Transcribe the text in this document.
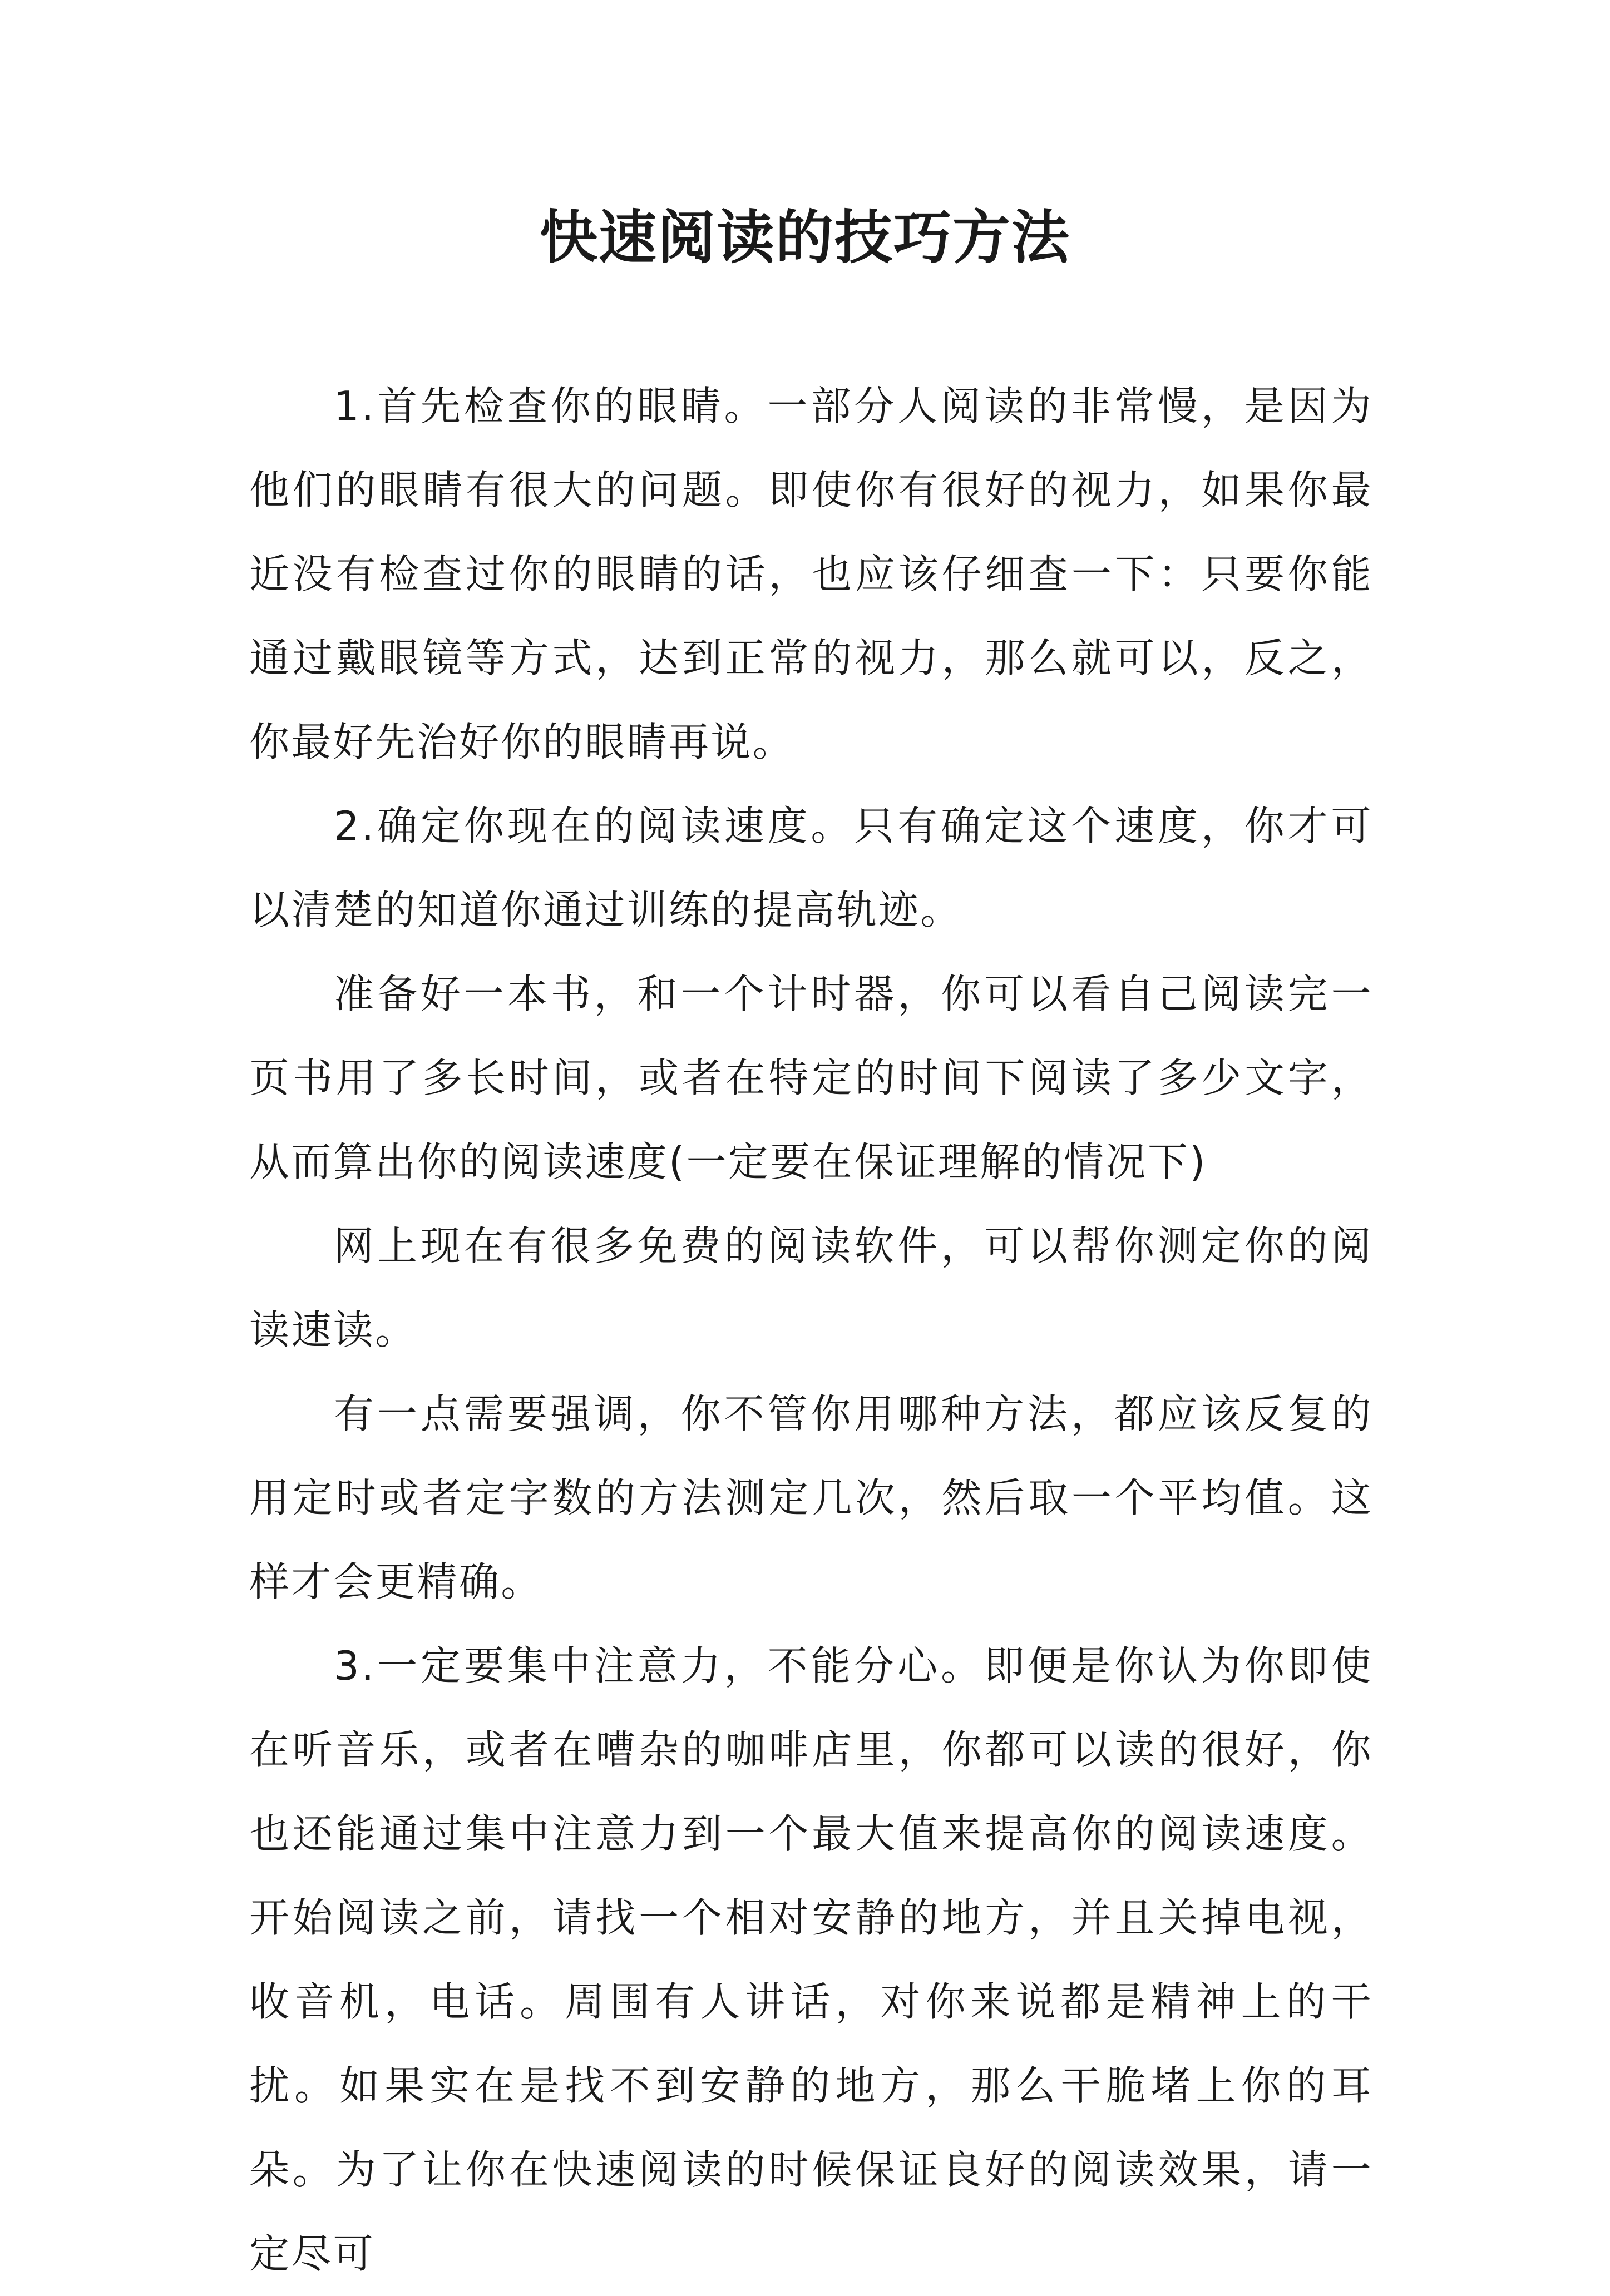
快速阅读的技巧方法

1.首先检查你的眼睛。一部分人阅读的非常慢，是因为他们的眼睛有很大的问题。即使你有很好的视力，如果你最近没有检查过你的眼睛的话，也应该仔细查一下：只要你能通过戴眼镜等方式，达到正常的视力，那么就可以，反之，你最好先治好你的眼睛再说。

2.确定你现在的阅读速度。只有确定这个速度，你才可以清楚的知道你通过训练的提高轨迹。

准备好一本书，和一个计时器，你可以看自己阅读完一页书用了多长时间，或者在特定的时间下阅读了多少文字，从而算出你的阅读速度(一定要在保证理解的情况下)

网上现在有很多免费的阅读软件，可以帮你测定你的阅读速读。

有一点需要强调，你不管你用哪种方法，都应该反复的用定时或者定字数的方法测定几次，然后取一个平均值。这样才会更精确。

3.一定要集中注意力，不能分心。即便是你认为你即使在听音乐，或者在嘈杂的咖啡店里，你都可以读的很好，你也还能通过集中注意力到一个最大值来提高你的阅读速度。开始阅读之前，请找一个相对安静的地方，并且关掉电视，收音机，电话。周围有人讲话，对你来说都是精神上的干扰。如果实在是找不到安静的地方，那么干脆堵上你的耳朵。为了让你在快速阅读的时候保证良好的阅读效果，请一定尽可
